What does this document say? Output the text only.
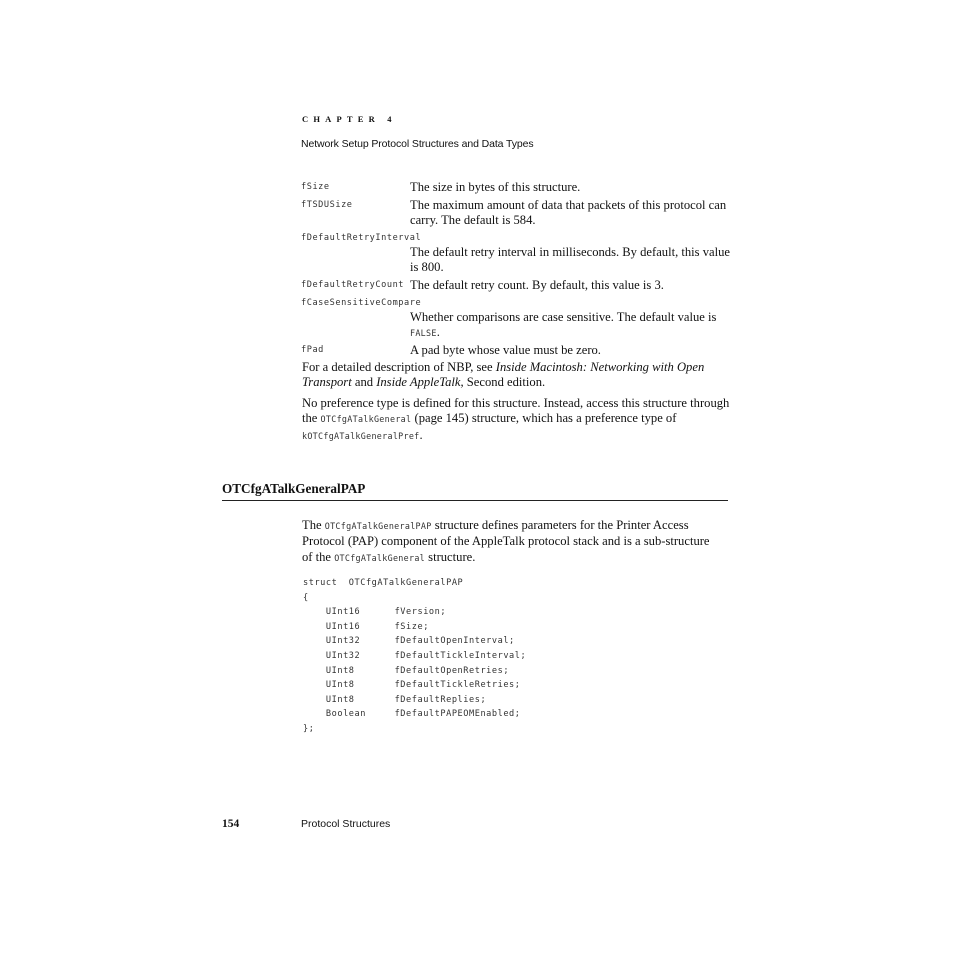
CHAPTER 4
Network Setup Protocol Structures and Data Types
fSize	The size in bytes of this structure.
fTSDUSize	The maximum amount of data that packets of this protocol can carry. The default is 584.
fDefaultRetryInterval
The default retry interval in milliseconds. By default, this value is 800.
fDefaultRetryCount The default retry count. By default, this value is 3.
fCaseSensitiveCompare
Whether comparisons are case sensitive. The default value is FALSE.
fPad	A pad byte whose value must be zero.
For a detailed description of NBP, see Inside Macintosh: Networking with Open Transport and Inside AppleTalk, Second edition.
No preference type is defined for this structure. Instead, access this structure through the OTCfgATalkGeneral (page 145) structure, which has a preference type of kOTCfgATalkGeneralPref.
OTCfgATalkGeneralPAP
The OTCfgATalkGeneralPAP structure defines parameters for the Printer Access Protocol (PAP) component of the AppleTalk protocol stack and is a sub-structure of the OTCfgATalkGeneral structure.
struct  OTCfgATalkGeneralPAP
{
UInt16      fVersion;
UInt16      fSize;
UInt32      fDefaultOpenInterval;
UInt32      fDefaultTickleInterval;
UInt8       fDefaultOpenRetries;
UInt8       fDefaultTickleRetries;
UInt8       fDefaultReplies;
Boolean     fDefaultPAPEOMEnabled;
};
154	Protocol Structures
